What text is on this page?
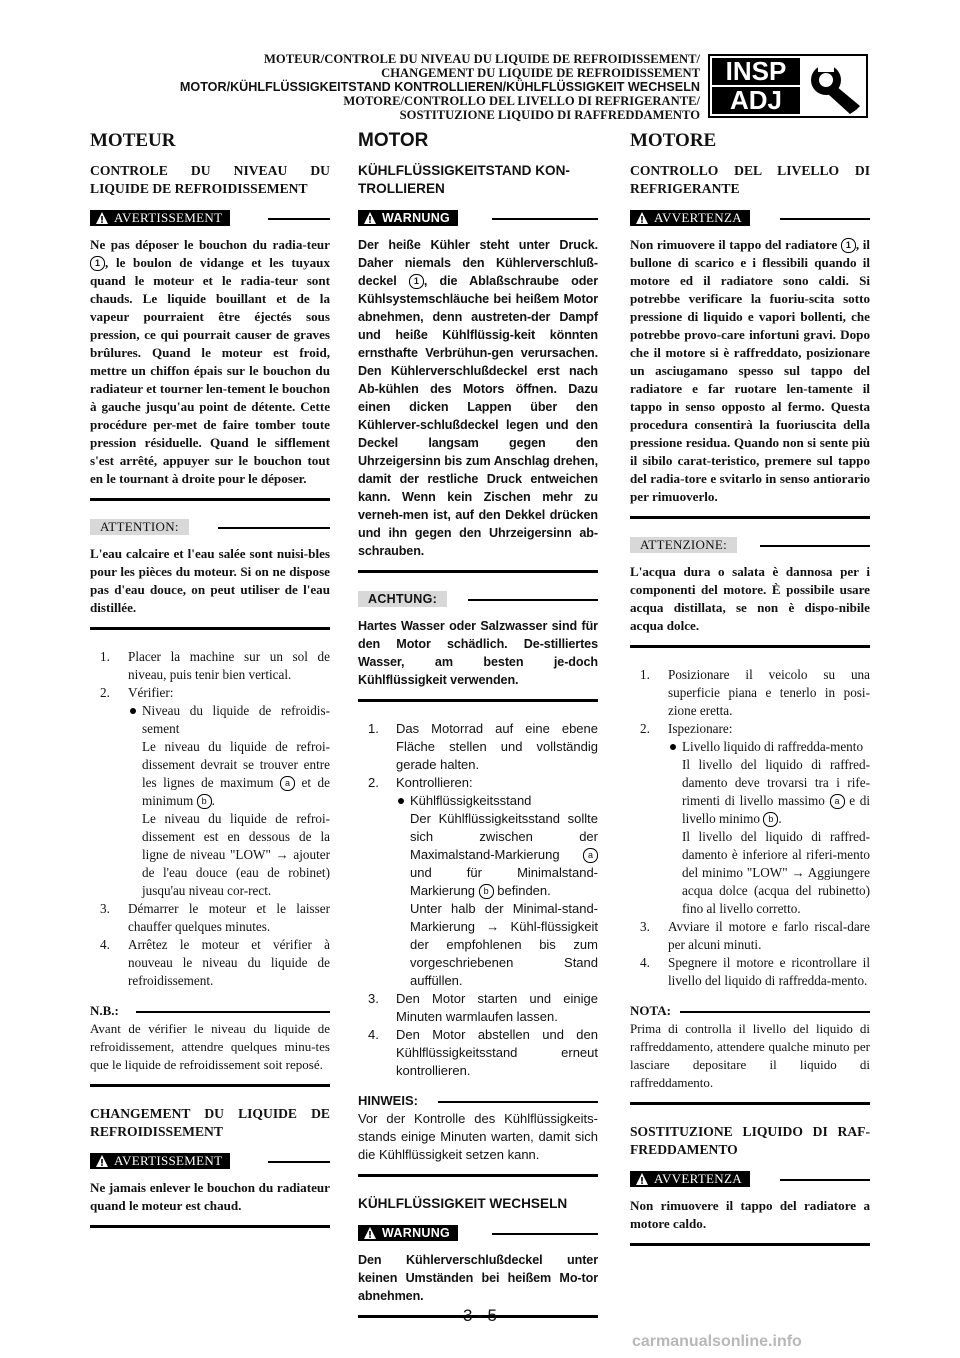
MOTEUR/CONTROLE DU NIVEAU DU LIQUIDE DE REFROIDISSEMENT/
CHANGEMENT DU LIQUIDE DE REFROIDISSEMENT
MOTOR/KÜHLFLÜSSIGKEITSTAND KONTROLLIEREN/KÜHLFLÜSSIGKEIT WECHSELN
MOTORE/CONTROLLO DEL LIVELLO DI REFRIGERANTE/
SOSTITUZIONE LIQUIDO DI RAFFREDDAMENTO
INSP
ADJ
MOTEUR
CONTROLE DU NIVEAU DU LIQUIDE DE REFROIDISSEMENT
AVERTISSEMENT

Ne pas déposer le bouchon du radia-teur 1 , le boulon de vidange et les tuyaux quand le moteur et le radia-teur sont chauds. Le liquide bouillant et de la vapeur pourraient être éjectés sous pression, ce qui pourrait causer de graves brûlures. Quand le moteur est froid, mettre un chiffon épais sur le bouchon du radiateur et tourner len-tement le bouchon à gauche jusqu'au point de détente. Cette procédure per-met de faire tomber toute pression résiduelle. Quand le sifflement s'est arrêté, appuyer sur le bouchon tout en le tournant à droite pour le déposer.

ATTENTION:

L'eau calcaire et l'eau salée sont nuisi-bles pour les pièces du moteur. Si on ne dispose pas d'eau douce, on peut utiliser de l'eau distillée.

1. Placer la machine sur un sol de niveau, puis tenir bien vertical.
2. Vérifier:
Niveau du liquide de refroidis-sement
Le niveau du liquide de refroi-dissement devrait se trouver entre les lignes de maximum a et de minimum b .
Le niveau du liquide de refroi-dissement est en dessous de la ligne de niveau "LOW" → ajouter de l'eau douce (eau de robinet) jusqu'au niveau cor-rect.
3. Démarrer le moteur et le laisser chauffer quelques minutes.
4. Arrêtez le moteur et vérifier à nouveau le niveau du liquide de refroidissement.
N.B.:

Avant de vérifier le niveau du liquide de refroidissement, attendre quelques minu-tes que le liquide de refroidissement soit reposé.

CHANGEMENT DU LIQUIDE DE REFROIDISSEMENT
AVERTISSEMENT

Ne jamais enlever le bouchon du radiateur quand le moteur est chaud.

MOTOR
KÜHLFLÜSSIGKEITSTAND KON-TROLLIEREN
WARNUNG

Der heiße Kühler steht unter Druck. Daher niemals den Kühlerverschluß-deckel 1 , die Ablaßschraube oder Kühlsystemschläuche bei heißem Motor abnehmen, denn austreten-der Dampf und heiße Kühlflüssig-keit könnten ernsthafte Verbrühun-gen verursachen. Den Kühlerverschlußdeckel erst nach Ab-kühlen des Motors öffnen. Dazu einen dicken Lappen über den Kühlerver-schlußdeckel legen und den Deckel langsam gegen den Uhrzeigersinn bis zum Anschlag drehen, damit der restliche Druck entweichen kann. Wenn kein Zischen mehr zu verneh-men ist, auf den Dekkel drücken und ihn gegen den Uhrzeigersinn ab-schrauben.

ACHTUNG:

Hartes Wasser oder Salzwasser sind für den Motor schädlich. De-stilliertes Wasser, am besten je-doch Kühlflüssigkeit verwenden.

1. Das Motorrad auf eine ebene Fläche stellen und vollständig gerade halten.
2. Kontrollieren:
Kühlflüssigkeitsstand
Der Kühlflüssigkeitsstand sollte sich zwischen der Maximalstand-Markierung a und für Minimalstand-Markierung b befinden.
Unter halb der Minimal-stand-Markierung → Kühl-flüssigkeit der empfohlenen bis zum vorgeschriebenen Stand auffüllen.
3. Den Motor starten und einige Minuten warmlaufen lassen.
4. Den Motor abstellen und den Kühlflüssigkeitsstand erneut kontrollieren.
HINWEIS:

Vor der Kontrolle des Kühlflüssigkeits-stands einige Minuten warten, damit sich die Kühlflüssigkeit setzen kann.

KÜHLFLÜSSIGKEIT WECHSELN
WARNUNG

Den Kühlerverschlußdeckel unter keinen Umständen bei heißem Mo-tor abnehmen.

MOTORE
CONTROLLO DEL LIVELLO DI REFRIGERANTE
AVVERTENZA

Non rimuovere il tappo del radiatore 1 , il bullone di scarico e i flessibili quando il motore ed il radiatore sono caldi. Si potrebbe verificare la fuoriu-scita sotto pressione di liquido e vapori bollenti, che potrebbe provo-care infortuni gravi. Dopo che il motore si è raffreddato, posizionare un asciugamano spesso sul tappo del radiatore e far ruotare len-tamente il tappo in senso opposto al fermo. Questa procedura consentirà la fuoriuscita della pressione residua. Quando non si sente più il sibilo carat-teristico, premere sul tappo del radia-tore e svitarlo in senso antiorario per rimuoverlo.

ATTENZIONE:

L'acqua dura o salata è dannosa per i componenti del motore. È possibile usare acqua distillata, se non è dispo-nibile acqua dolce.

1. Posizionare il veicolo su una superficie piana e tenerlo in posi-zione eretta.
2. Ispezionare:
Livello liquido di raffredda-mento
Il livello del liquido di raffred-damento deve trovarsi tra i rife-rimenti di livello massimo a e di livello minimo b .
Il livello del liquido di raffred-damento è inferiore al riferi-mento del minimo "LOW" → Aggiungere acqua dolce (acqua del rubinetto) fino al livello corretto.
3. Avviare il motore e farlo riscal-dare per alcuni minuti.
4. Spegnere il motore e ricontrollare il livello del liquido di raffredda-mento.
NOTA:

Prima di controlla il livello del liquido di raffreddamento, attendere qualche minuto per lasciare depositare il liquido di raffreddamento.

SOSTITUZIONE LIQUIDO DI RAF-FREDDAMENTO
AVVERTENZA

Non rimuovere il tappo del radiatore a motore caldo.

3 - 5
carmanualsonline.info
